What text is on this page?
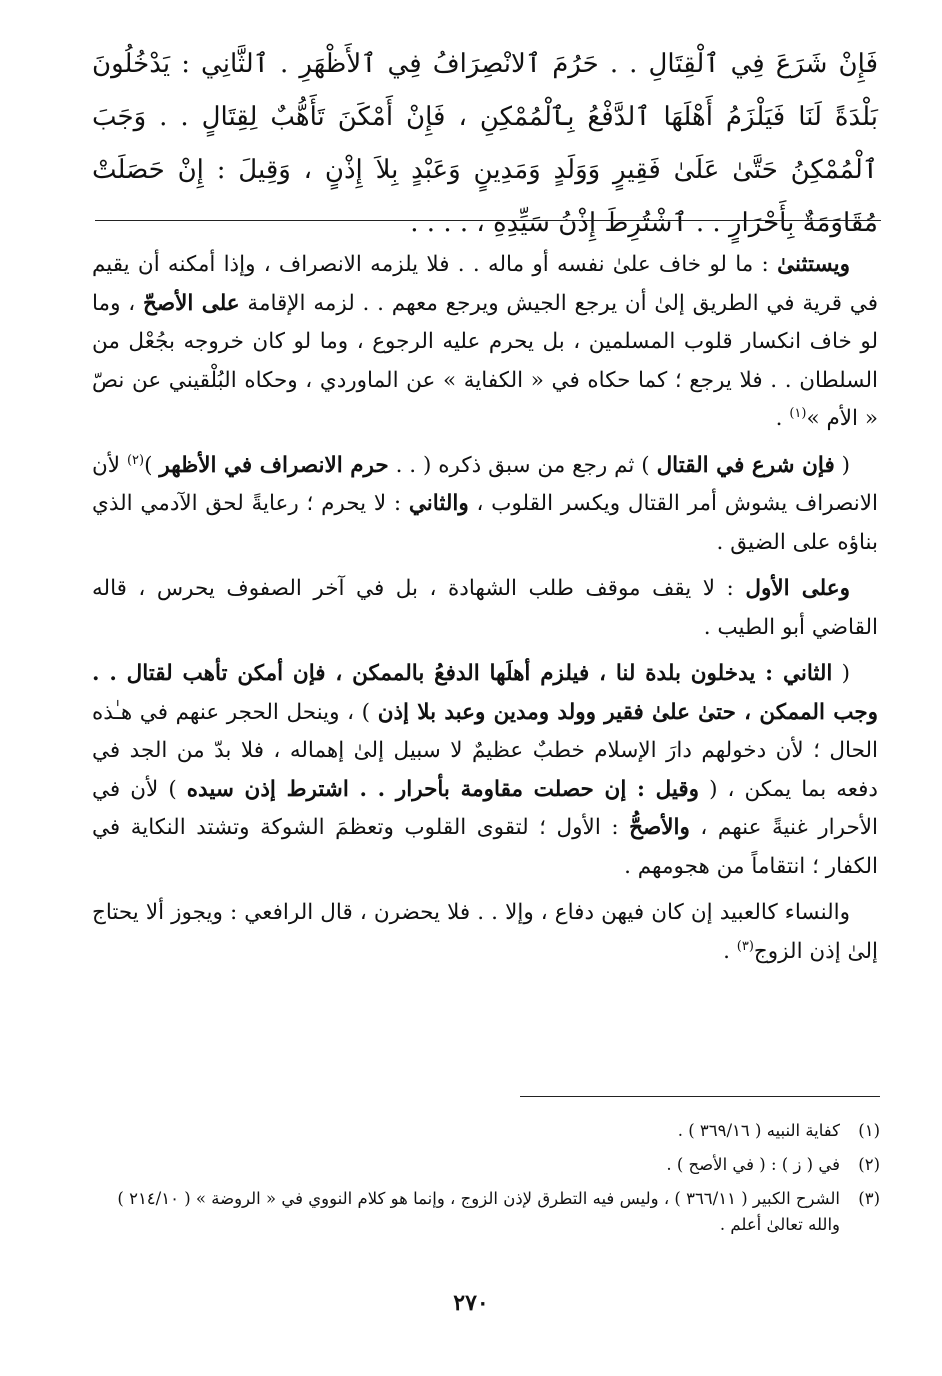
فَإِنْ شَرَعَ فِي ٱلْقِتَالِ . . حَرُمَ ٱلانْصِرَافُ فِي ٱلأَظْهَرِ . ٱلثَّانِي : يَدْخُلُونَ بَلْدَةً لَنَا فَيَلْزَمُ أَهْلَهَا ٱلدَّفْعُ بِٱلْمُمْكِنِ ، فَإِنْ أَمْكَنَ تَأَهُّبٌ لِقِتَالٍ . . وَجَبَ ٱلْمُمْكِنُ حَتَّىٰ عَلَىٰ فَقِيرٍ وَوَلَدٍ وَمَدِينٍ وَعَبْدٍ بِلاَ إِذْنٍ ، وَقِيلَ : إِنْ حَصَلَتْ مُقَاوَمَةٌ بِأَحْرَارٍ . . ٱشْتُرِطَ إِذْنُ سَيِّدِهِ ، . . . .

ويستثنىٰ : ما لو خاف علىٰ نفسه أو ماله . . فلا يلزمه الانصراف ، وإذا أمكنه أن يقيم في قرية في الطريق إلىٰ أن يرجع الجيش ويرجع معهم . . لزمه الإقامة على الأصحّ ، وما لو خاف انكسار قلوب المسلمين ، بل يحرم عليه الرجوع ، وما لو كان خروجه بجُعْل من السلطان . . فلا يرجع ؛ كما حكاه في « الكفاية » عن الماوردي ، وحكاه البُلْقيني عن نصّ « الأم »$^{(١)}$ .

( فإن شرع في القتال ) ثم رجع من سبق ذكره ( . . حرم الانصراف في الأظهر )$^{(٢)}$ لأن الانصراف يشوش أمر القتال ويكسر القلوب ، والثاني : لا يحرم ؛ رعايةً لحق الآدمي الذي بناؤه على الضيق .

وعلى الأول : لا يقف موقف طلب الشهادة ، بل في آخر الصفوف يحرس ، قاله القاضي أبو الطيب .

( الثاني : يدخلون بلدة لنا ، فيلزم أهلَها الدفعُ بالممكن ، فإن أمكن تأهب لقتال . . وجب الممكن ، حتىٰ علىٰ فقير وولد ومدين وعبد بلا إذن ) ، وينحل الحجر عنهم في هـٰذه الحال ؛ لأن دخولهم دارَ الإسلام خطبٌ عظيمٌ لا سبيل إلىٰ إهماله ، فلا بدّ من الجد في دفعه بما يمكن ، ( وقيل : إن حصلت مقاومة بأحرار . . اشترط إذن سيده ) لأن في الأحرار غنيةً عنهم ، والأصحُّ : الأول ؛ لتقوى القلوب وتعظمَ الشوكة وتشتد النكاية في الكفار ؛ انتقاماً من هجومهم .

والنساء كالعبيد إن كان فيهن دفاع ، وإلا . . فلا يحضرن ، قال الرافعي : ويجوز ألا يحتاج إلىٰ إذن الزوج$^{(٣)}$ .

(١)
كفاية النبيه ( ٣٦٩/١٦ ) .
(٢)
في ( ز ) : ( في الأصح ) .
(٣)
الشرح الكبير ( ٣٦٦/١١ ) ، وليس فيه التطرق لإذن الزوج ، وإنما هو كلام النووي في « الروضة » ( ٢١٤/١٠ ) والله تعالىٰ أعلم .
٢٧٠
